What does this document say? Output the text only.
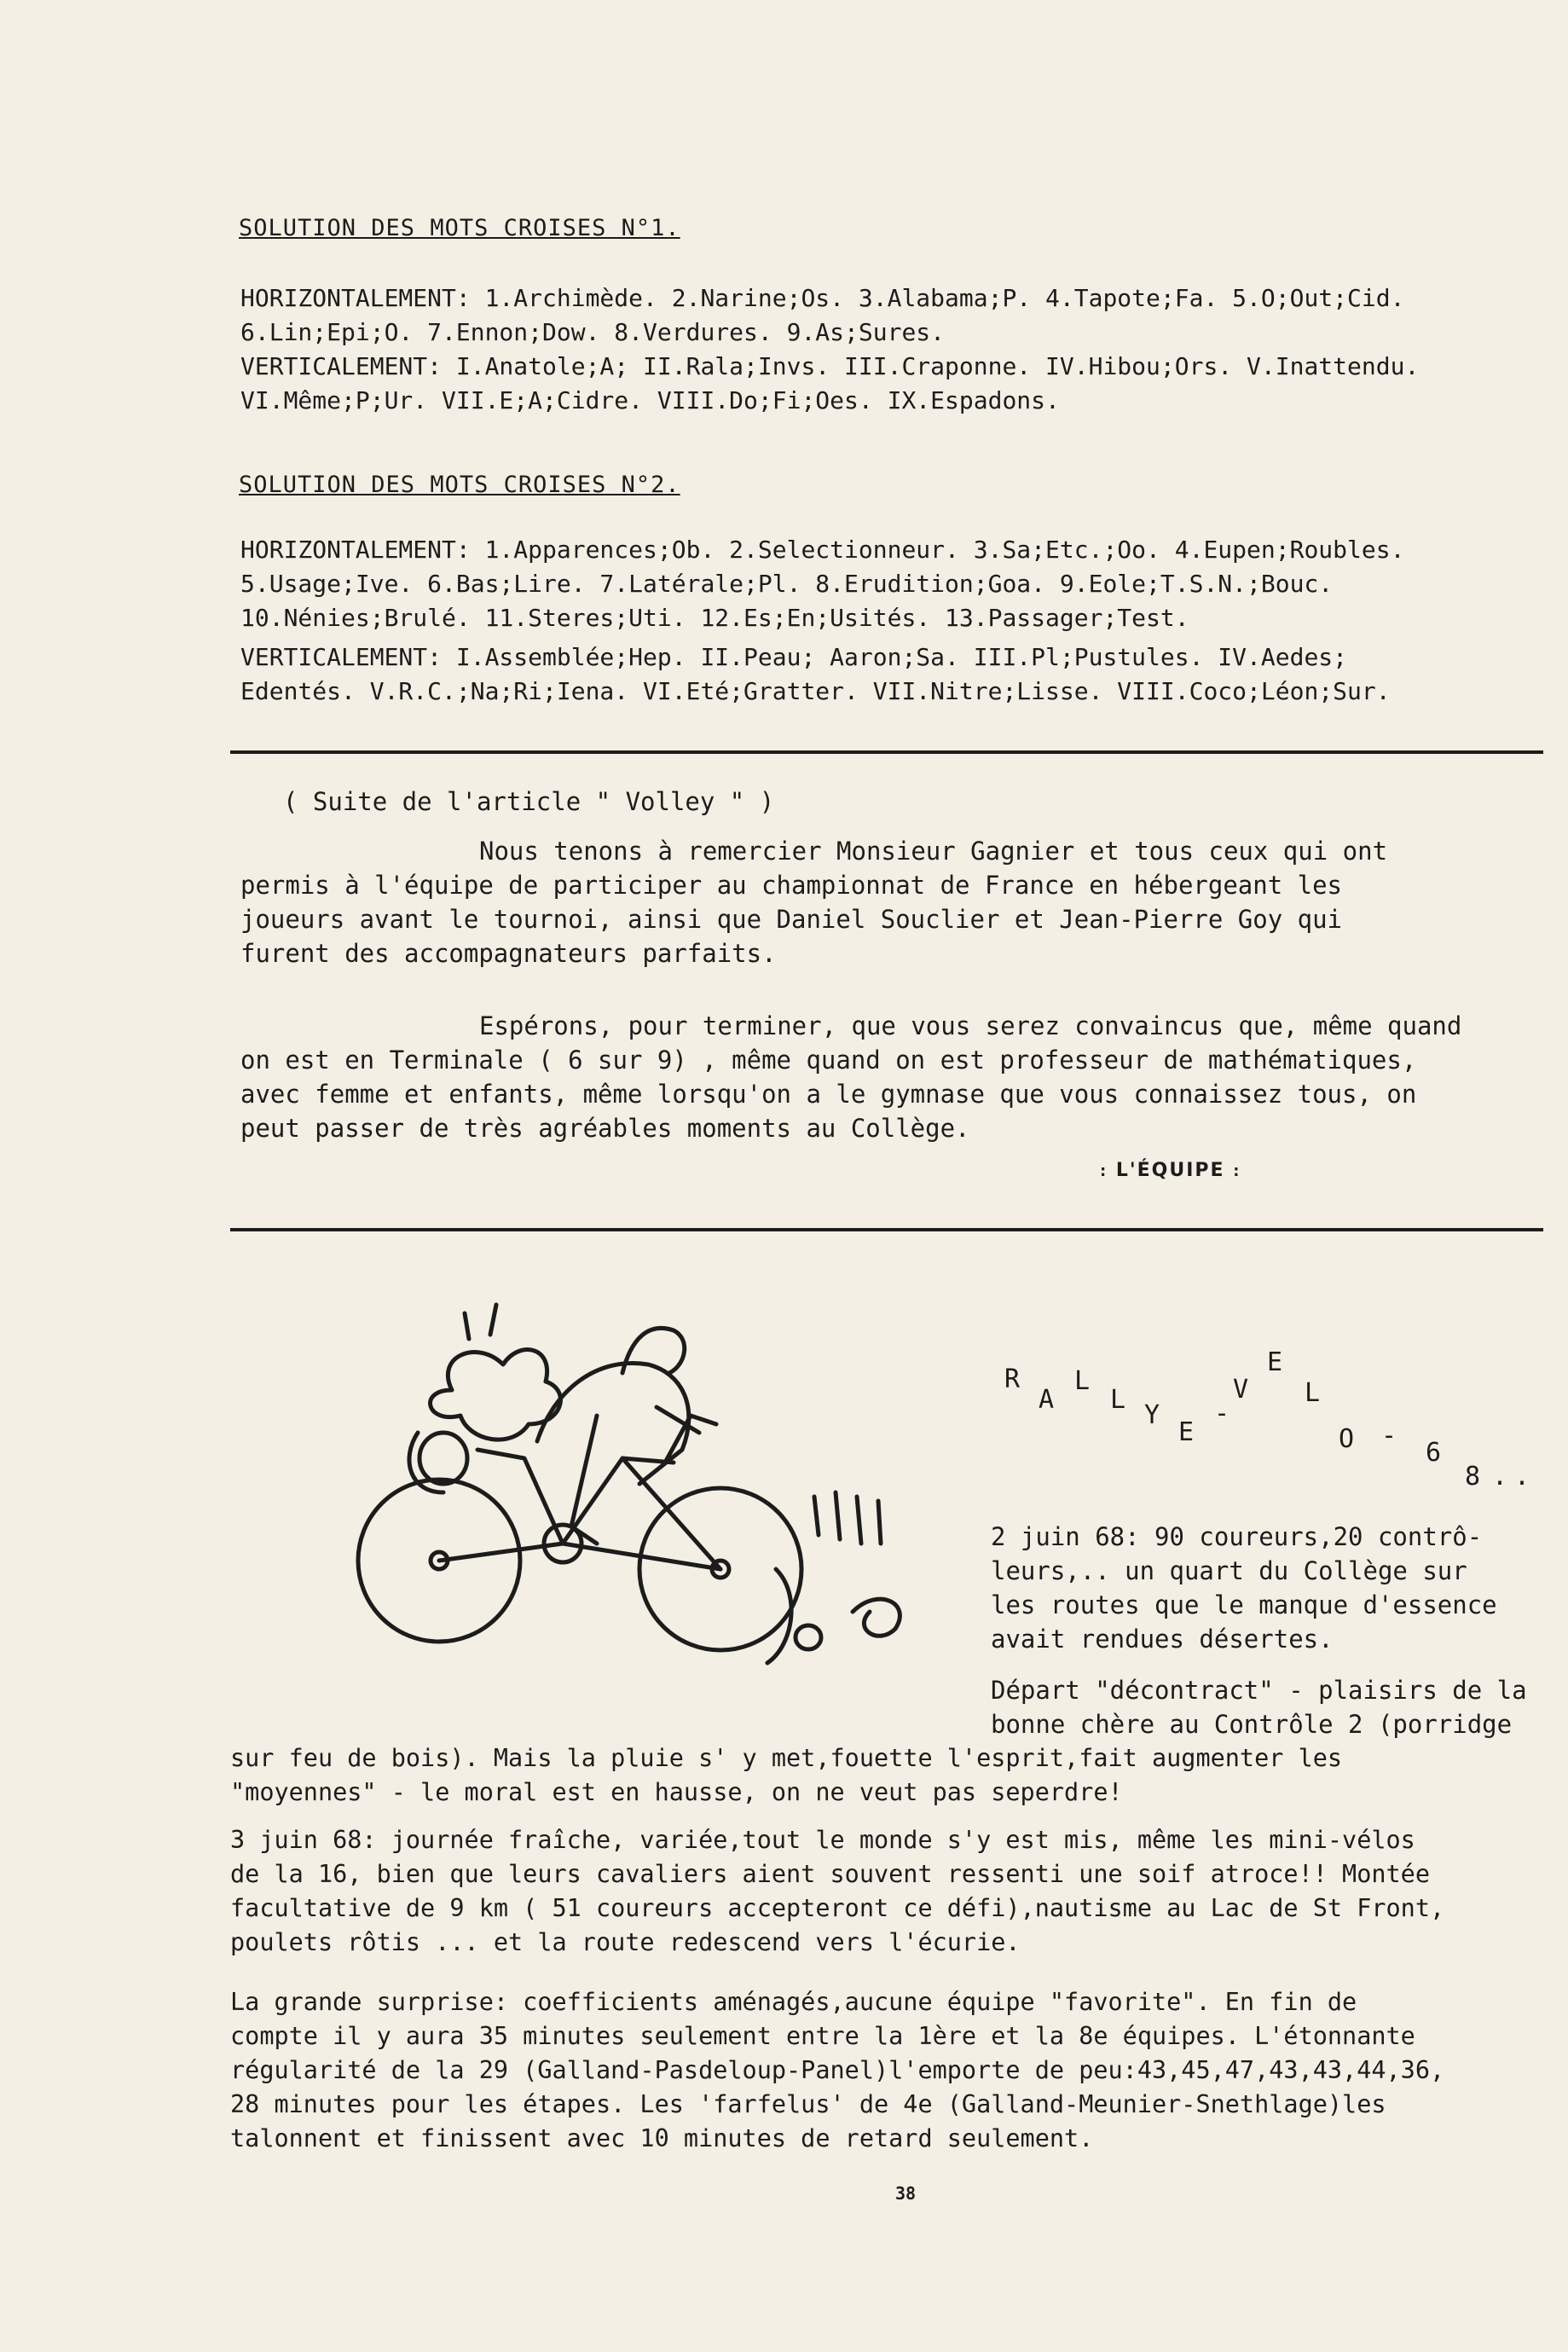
SOLUTION DES MOTS CROISES N°1.

HORIZONTALEMENT: 1.Archimède. 2.Narine;Os. 3.Alabama;P. 4.Tapote;Fa. 5.O;Out;Cid.

6.Lin;Epi;O. 7.Ennon;Dow. 8.Verdures. 9.As;Sures.

VERTICALEMENT: I.Anatole;A; II.Rala;Invs. III.Craponne. IV.Hibou;Ors. V.Inattendu.

VI.Même;P;Ur. VII.E;A;Cidre. VIII.Do;Fi;Oes. IX.Espadons.

SOLUTION DES MOTS CROISES N°2.

HORIZONTALEMENT: 1.Apparences;Ob. 2.Selectionneur. 3.Sa;Etc.;Oo. 4.Eupen;Roubles.

5.Usage;Ive. 6.Bas;Lire. 7.Latérale;Pl. 8.Erudition;Goa. 9.Eole;T.S.N.;Bouc.

10.Nénies;Brulé. 11.Steres;Uti. 12.Es;En;Usités. 13.Passager;Test.

VERTICALEMENT: I.Assemblée;Hep. II.Peau; Aaron;Sa. III.Pl;Pustules. IV.Aedes;

Edentés. V.R.C.;Na;Ri;Iena. VI.Eté;Gratter. VII.Nitre;Lisse. VIII.Coco;Léon;Sur.

( Suite de l'article " Volley " )

Nous tenons à remercier Monsieur Gagnier et tous ceux qui ont

permis à l'équipe de participer au championnat de France en hébergeant les

joueurs avant le tournoi, ainsi que Daniel Souclier et Jean-Pierre Goy qui

furent des accompagnateurs parfaits.

Espérons, pour terminer, que vous serez convaincus que, même quand

on est en Terminale ( 6 sur 9) , même quand on est professeur de mathématiques,

avec femme et enfants, même lorsqu'on a le gymnase que vous connaissez tous, on

peut passer de très agréables moments au Collège.

: L'ÉQUIPE :
R
A
L
L
Y
E
-
V
E
L
O -
6
8 . .

2 juin 68: 90 coureurs,20 contrô-

leurs,.. un quart du Collège sur

les routes que le manque d'essence

avait rendues désertes.

Départ "décontract" - plaisirs de la

bonne chère au Contrôle 2 (porridge

sur feu de bois). Mais la pluie s' y met,fouette l'esprit,fait augmenter les

"moyennes" - le moral est en hausse, on ne veut pas seperdre!

3 juin 68: journée fraîche, variée,tout le monde s'y est mis, même les mini-vélos

de la 16, bien que leurs cavaliers aient souvent ressenti une soif atroce!! Montée

facultative de 9 km ( 51 coureurs accepteront ce défi),nautisme au Lac de St Front,

poulets rôtis ... et la route redescend vers l'écurie.

La grande surprise: coefficients aménagés,aucune équipe "favorite". En fin de

compte il y aura 35 minutes seulement entre la 1ère et la 8e équipes. L'étonnante

régularité de la 29 (Galland-Pasdeloup-Panel)l'emporte de peu:43,45,47,43,43,44,36,

28 minutes pour les étapes. Les 'farfelus' de 4e (Galland-Meunier-Snethlage)les

talonnent et finissent avec 10 minutes de retard seulement.

38
